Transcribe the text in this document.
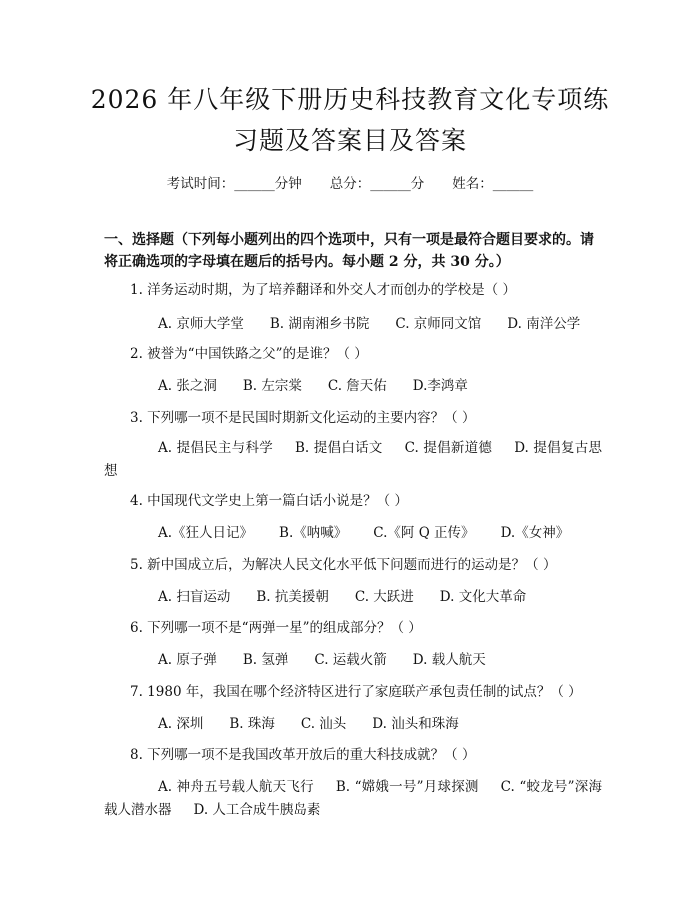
2026 年八年级下册历史科技教育文化专项练
习题及答案目及答案
考试时间：______分钟 总分：______分 姓名：______
一、选择题（下列每小题列出的四个选项中，只有一项是最符合题目要求的。请将正确选项的字母填在题后的括号内。每小题 2 分，共 30 分。）
1. 洋务运动时期，为了培养翻译和外交人才而创办的学校是（ ）
A. 京师大学堂 B. 湖南湘乡书院 C. 京师同文馆 D. 南洋公学
2. 被誉为“中国铁路之父”的是谁？（ ）
A. 张之洞 B. 左宗棠 C. 詹天佑 D.李鸿章
3. 下列哪一项不是民国时期新文化运动的主要内容？（ ）
A. 提倡民主与科学 B. 提倡白话文 C. 提倡新道德 D. 提倡复古思想
4. 中国现代文学史上第一篇白话小说是？（ ）
A.《狂人日记》 B.《呐喊》 C.《阿 Q 正传》 D.《女神》
5. 新中国成立后，为解决人民文化水平低下问题而进行的运动是？（ ）
A. 扫盲运动 B. 抗美援朝 C. 大跃进 D. 文化大革命
6. 下列哪一项不是“两弹一星”的组成部分？（ ）
A. 原子弹 B. 氢弹 C. 运载火箭 D. 载人航天
7. 1980 年，我国在哪个经济特区进行了家庭联产承包责任制的试点？（ ）
A. 深圳 B. 珠海 C. 汕头 D. 汕头和珠海
8. 下列哪一项不是我国改革开放后的重大科技成就？（ ）
A. 神舟五号载人航天飞行 B. “嫦娥一号”月球探测 C. “蛟龙号”深海载人潜水器 D. 人工合成牛胰岛素
